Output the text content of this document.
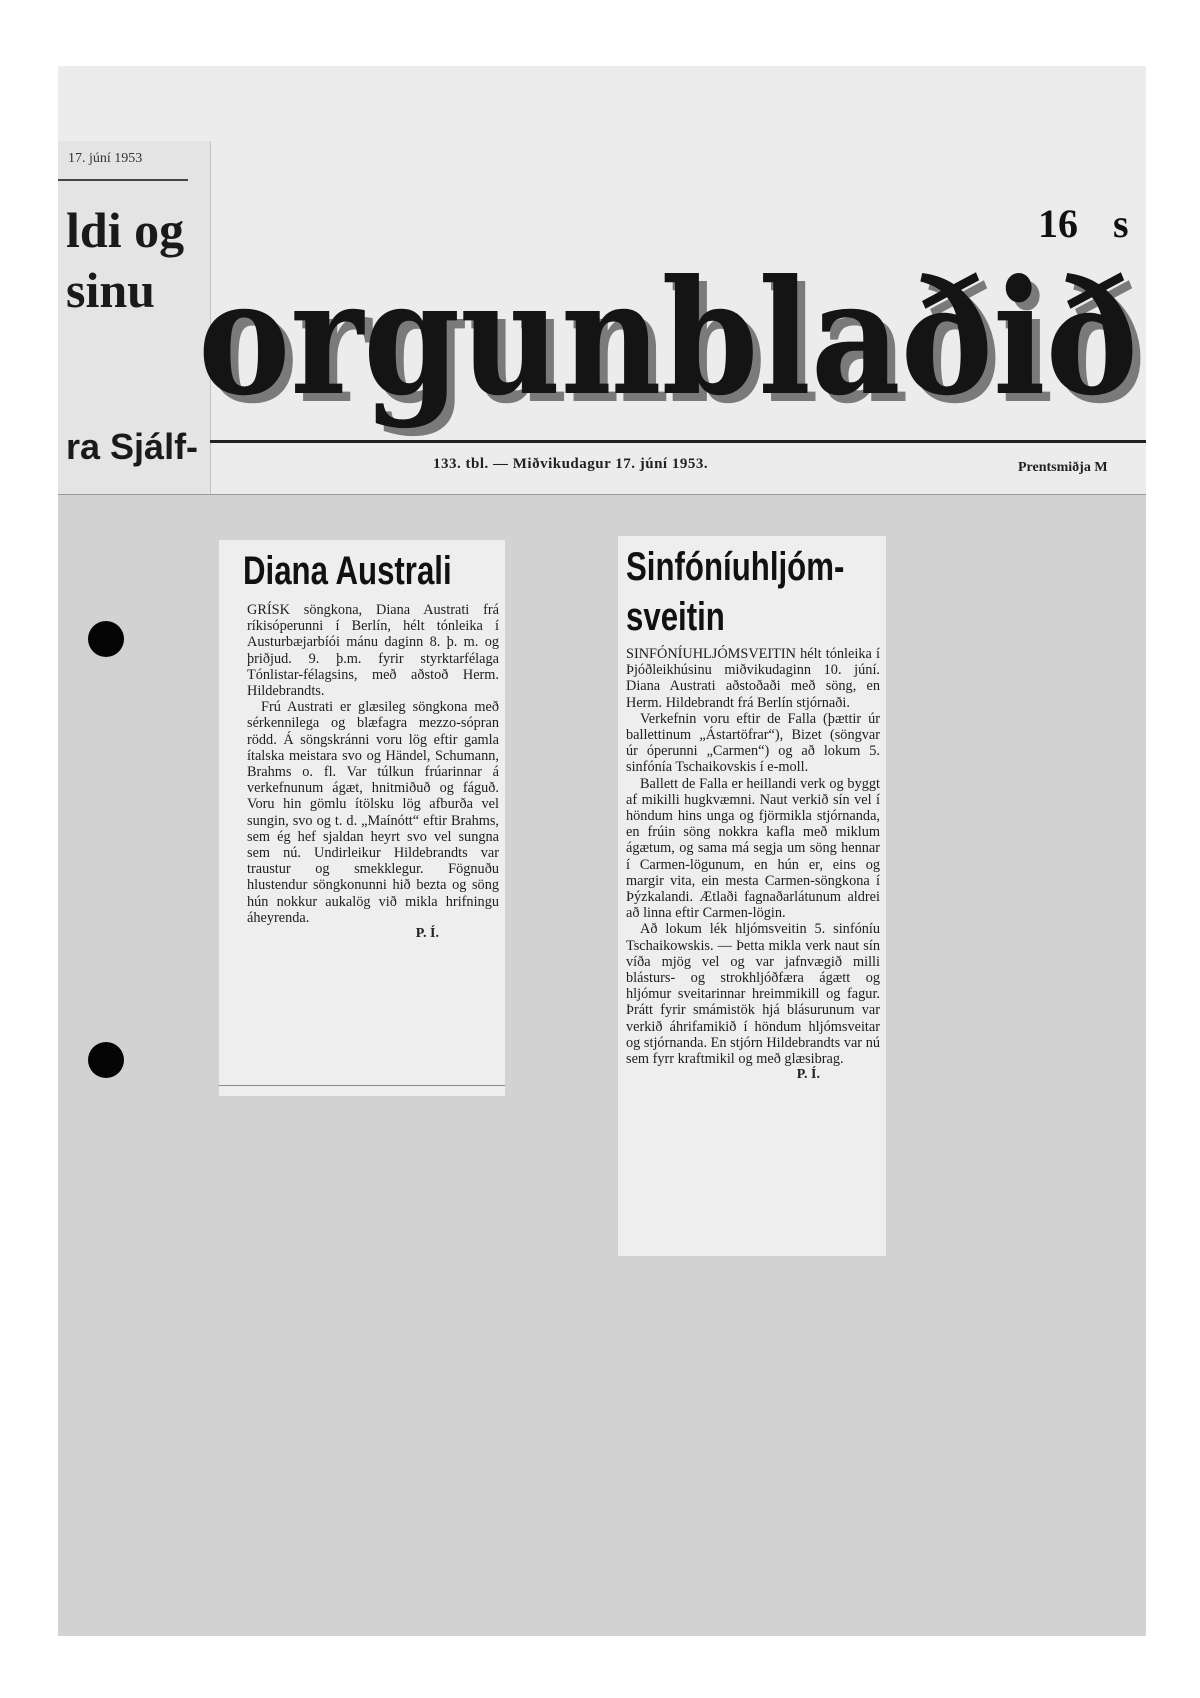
17. júní 1953
ldi og
sinu
ra Sjálf-
16 s
orgunblaðið
orgunblaðið
133. tbl. — Miðvikudagur 17. júní 1953.	Prentsmiðja M
Diana Australi

GRÍSK söngkona, Diana Austrati frá ríkisóperunni í Berlín, hélt tónleika í Austurbæjarbíói mánu daginn 8. þ. m. og þriðjud. 9. þ.m. fyrir styrktarfélaga Tónlistar-félagsins, með aðstoð Herm. Hildebrandts.

Frú Austrati er glæsileg söngkona með sérkennilega og blæfagra mezzo-sópran rödd. Á söngskránni voru lög eftir gamla ítalska meistara svo og Händel, Schumann, Brahms o. fl. Var túlkun frúarinnar á verkefnunum ágæt, hnitmiðuð og fáguð. Voru hin gömlu ítölsku lög afburða vel sungin, svo og t. d. „Maínótt“ eftir Brahms, sem ég hef sjaldan heyrt svo vel sungna sem nú. Undirleikur Hildebrandts var traustur og smekklegur. Fögnuðu hlustendur söngkonunni hið bezta og söng hún nokkur aukalög við mikla hrifningu áheyrenda.

P. Í.
Sinfóníuhljóm-
sveitin

SINFÓNÍUHLJÓMSVEITIN hélt tónleika í Þjóðleikhúsinu miðvikudaginn 10. júní. Diana Austrati aðstoðaði með söng, en Herm. Hildebrandt frá Berlín stjórnaði.

Verkefnin voru eftir de Falla (þættir úr ballettinum „Ástartöfrar“), Bizet (söngvar úr óperunni „Carmen“) og að lokum 5. sinfónía Tschaikovskis í e-moll.

Ballett de Falla er heillandi verk og byggt af mikilli hugkvæmni. Naut verkið sín vel í höndum hins unga og fjörmikla stjórnanda, en frúin söng nokkra kafla með miklum ágætum, og sama má segja um söng hennar í Carmen-lögunum, en hún er, eins og margir vita, ein mesta Carmen-söngkona í Þýzkalandi. Ætlaði fagnaðarlátunum aldrei að linna eftir Carmen-lögin.

Að lokum lék hljómsveitin 5. sinfóníu Tschaikowskis. — Þetta mikla verk naut sín víða mjög vel og var jafnvægið milli blásturs- og strokhljóðfæra ágætt og hljómur sveitarinnar hreimmikill og fagur. Þrátt fyrir smámistök hjá blásurunum var verkið áhrifamikið í höndum hljómsveitar og stjórnanda. En stjórn Hildebrandts var nú sem fyrr kraftmikil og með glæsibrag.

P. Í.
